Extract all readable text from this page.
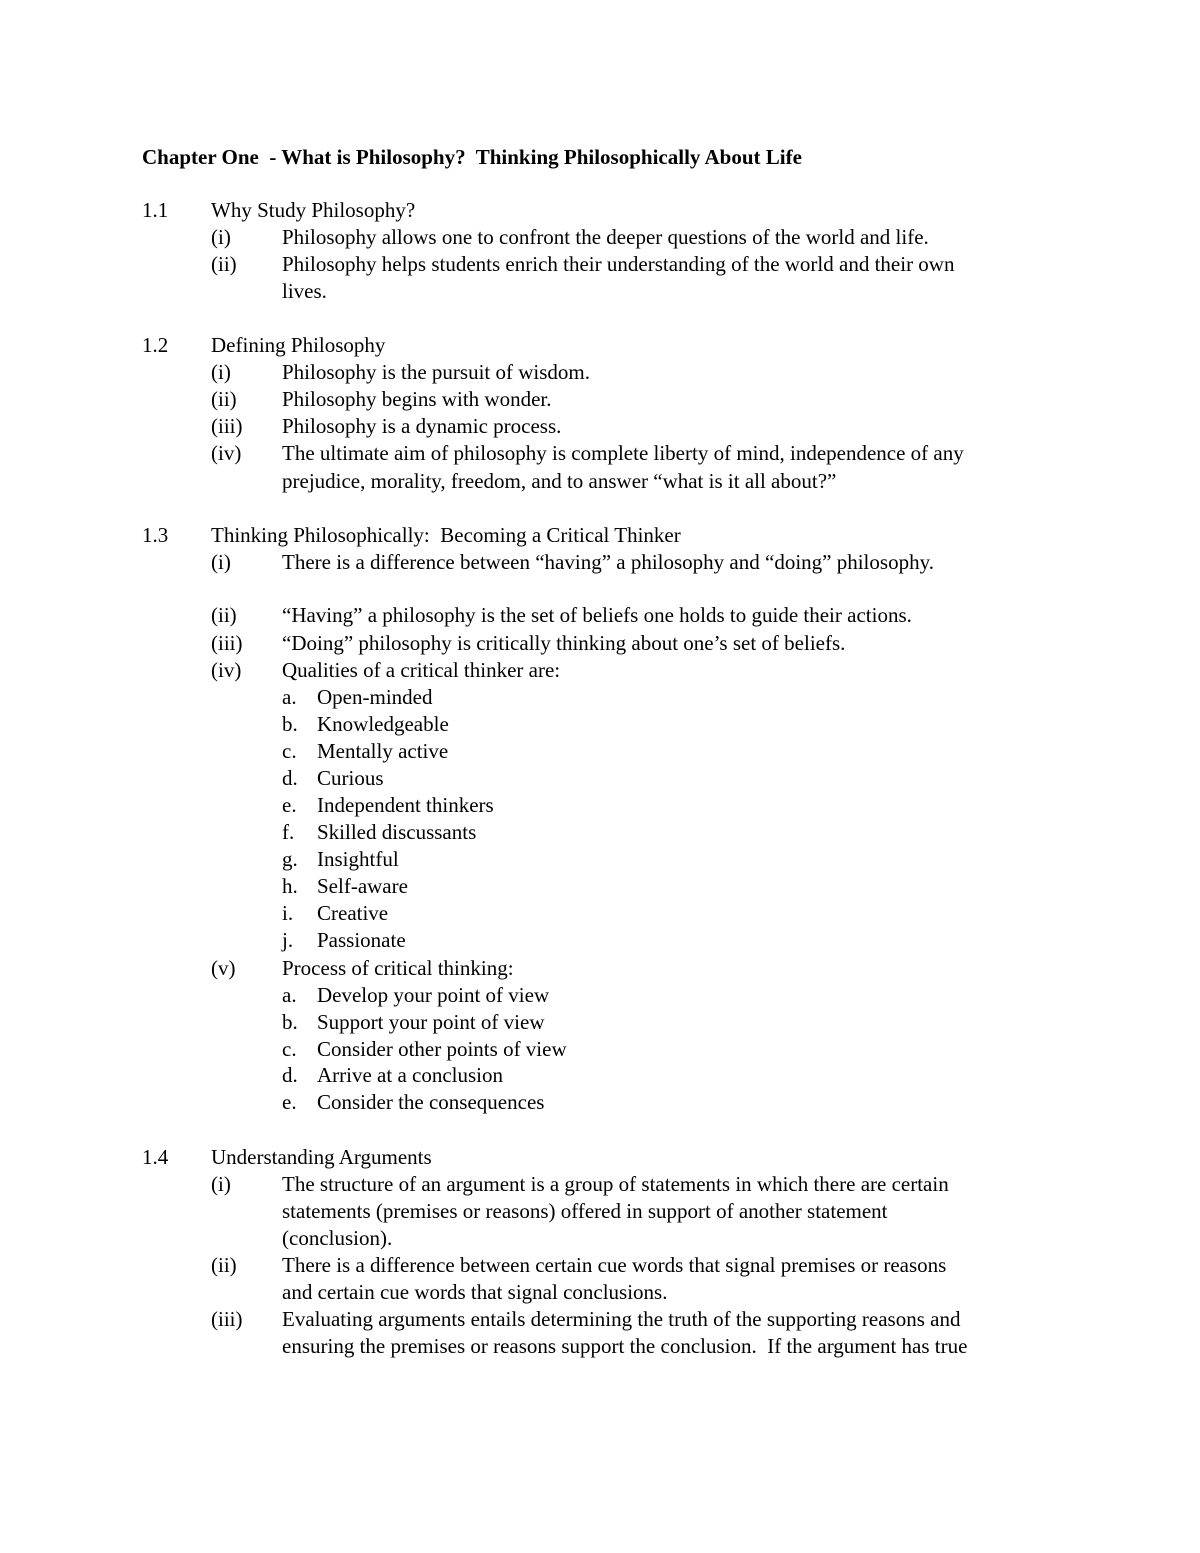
Chapter One  - What is Philosophy?  Thinking Philosophically About Life
1.1 Why Study Philosophy?
(i) Philosophy allows one to confront the deeper questions of the world and life.
(ii) Philosophy helps students enrich their understanding of the world and their own
lives.
1.2 Defining Philosophy
(i) Philosophy is the pursuit of wisdom.
(ii) Philosophy begins with wonder.
(iii) Philosophy is a dynamic process.
(iv) The ultimate aim of philosophy is complete liberty of mind, independence of any
prejudice, morality, freedom, and to answer “what is it all about?”
1.3 Thinking Philosophically:  Becoming a Critical Thinker
(i) There is a difference between “having” a philosophy and “doing” philosophy.
(ii) “Having” a philosophy is the set of beliefs one holds to guide their actions.
(iii) “Doing” philosophy is critically thinking about one’s set of beliefs.
(iv) Qualities of a critical thinker are:
a. Open-minded
b. Knowledgeable
c. Mentally active
d. Curious
e. Independent thinkers
f. Skilled discussants
g. Insightful
h. Self-aware
i. Creative
j. Passionate
(v) Process of critical thinking:
a. Develop your point of view
b. Support your point of view
c. Consider other points of view
d. Arrive at a conclusion
e. Consider the consequences
1.4 Understanding Arguments
(i) The structure of an argument is a group of statements in which there are certain
statements (premises or reasons) offered in support of another statement
(conclusion).
(ii) There is a difference between certain cue words that signal premises or reasons
and certain cue words that signal conclusions.
(iii) Evaluating arguments entails determining the truth of the supporting reasons and
ensuring the premises or reasons support the conclusion.  If the argument has true
